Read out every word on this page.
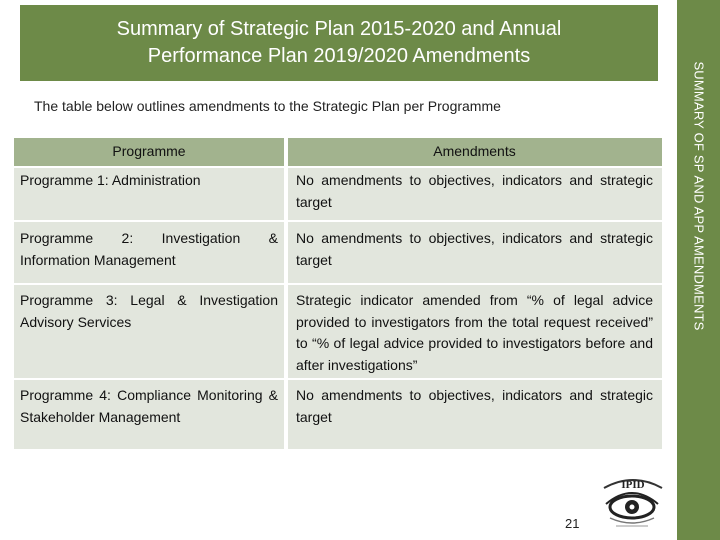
Summary of Strategic Plan 2015-2020 and Annual
Performance Plan 2019/2020 Amendments
SUMMARY OF SP AND APP AMENDMENTS
The table below outlines amendments to the Strategic Plan per Programme
Programme	Amendments
Programme 1: Administration	No amendments to objectives, indicators and strategic target
Programme 2: Investigation & Information Management	No amendments to objectives, indicators and strategic target
Programme 3: Legal & Investigation Advisory Services	Strategic indicator amended from “% of legal advice provided to investigators from the total request received” to “% of legal advice provided to investigators before and after investigations”
Programme 4: Compliance Monitoring & Stakeholder Management	No amendments to objectives, indicators and strategic target
21
IPID
